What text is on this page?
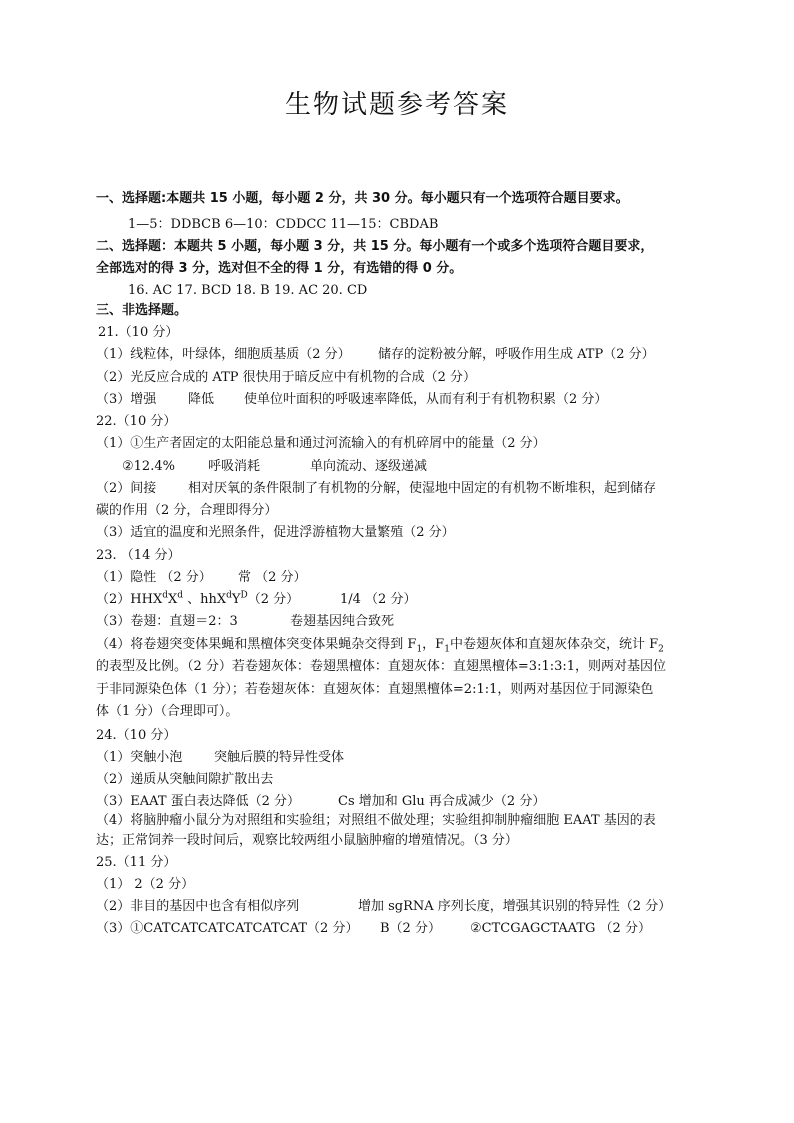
生物试题参考答案
一、选择题:本题共 15 小题，每小题 2 分，共 30 分。每小题只有一个选项符合题目要求。
1—5：DDBCB 6—10：CDDCC 11—15：CBDAB
二、选择题：本题共 5 小题，每小题 3 分，共 15 分。每小题有一个或多个选项符合题目要求，
全部选对的得 3 分，选对但不全的得 1 分，有选错的得 0 分。
16. AC 17. BCD 18. B 19. AC 20. CD
三、非选择题。
21.（10 分）
（1）线粒体，叶绿体，细胞质基质（2 分） 储存的淀粉被分解，呼吸作用生成 ATP（2 分）
（2）光反应合成的 ATP 很快用于暗反应中有机物的合成（2 分）
（3）增强 降低 使单位叶面积的呼吸速率降低，从而有利于有机物积累（2 分）
22.（10 分）
（1）①生产者固定的太阳能总量和通过河流输入的有机碎屑中的能量（2 分）
②12.4%	呼吸消耗	单向流动、逐级递减
（2）间接 相对厌氧的条件限制了有机物的分解，使湿地中固定的有机物不断堆积，起到储存
碳的作用（2 分，合理即得分）
（3）适宜的温度和光照条件，促进浮游植物大量繁殖（2 分）
23. （14 分）
（1）隐性 （2 分） 常 （2 分）
$(2)HHX^dX^d$ 、$hhX^dY^D(2$ 分）	1/4 （2 分）
（3）卷翅：直翅＝2：3	卷翅基因纯合致死
（4）将卷翅突变体果蝇和黑檀体突变体果蝇杂交得到 $F_1$，$F_1$中卷翅灰体和直翅灰体杂交，统计 $F_2$
的表型及比例。（2 分）若卷翅灰体：卷翅黑檀体：直翅灰体：直翅黑檀体=3:1:3:1，则两对基因位
于非同源染色体（1 分）；若卷翅灰体：直翅灰体：直翅黑檀体=2:1:1，则两对基因位于同源染色
体（1 分）（合理即可）。
24.（10 分）
（1）突触小泡 突触后膜的特异性受体
（2）递质从突触间隙扩散出去
（3）EAAT 蛋白表达降低（2 分）	Cs 增加和 Glu 再合成减少（2 分）
（4）将脑肿瘤小鼠分为对照组和实验组；对照组不做处理；实验组抑制肿瘤细胞 EAAT 基因的表
达；正常饲养一段时间后，观察比较两组小鼠脑肿瘤的增殖情况。（3 分）
25.（11 分）
（1） 2（2 分）
（2）非目的基因中也含有相似序列	增加 sgRNA 序列长度，增强其识别的特异性（2 分）
（3）①CATCATCATCATCATCAT（2 分） B（2 分） ②CTCGAGCTAATG （2 分）
